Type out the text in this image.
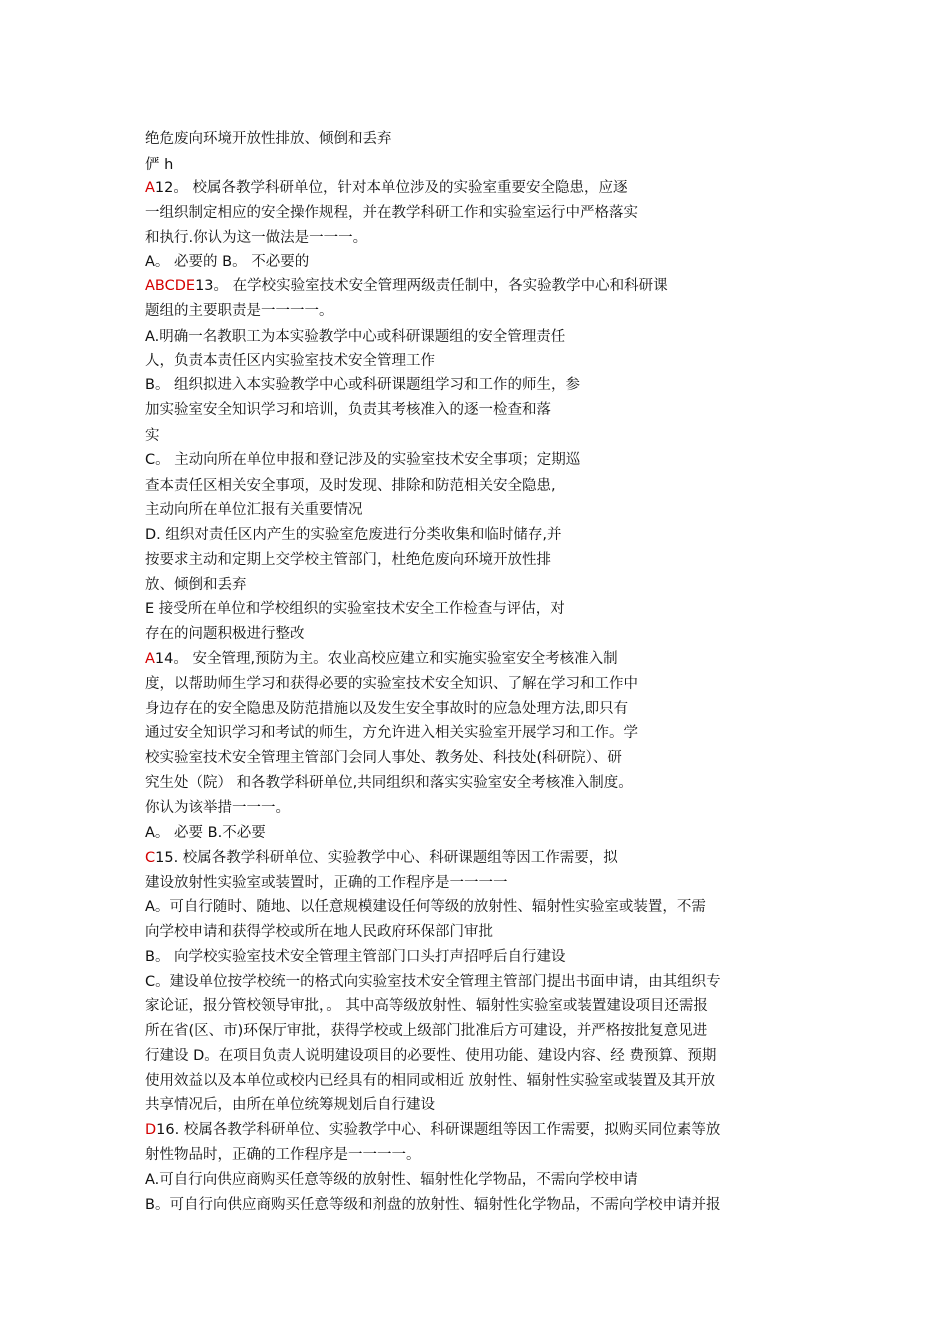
绝危废向环境开放性排放、倾倒和丢弃
俨 h
A12。 校属各教学科研单位，针对本单位涉及的实验室重要安全隐患，应逐
一组织制定相应的安全操作规程，并在教学科研工作和实验室运行中严格落实
和执行.你认为这一做法是一一一。
A。 必要的 B。 不必要的
ABCDE13。 在学校实验室技术安全管理两级责任制中，各实验教学中心和科研课
题组的主要职责是一一一一。
A.明确一名教职工为本实验教学中心或科研课题组的安全管理责任
人，负责本责任区内实验室技术安全管理工作
B。 组织拟进入本实验教学中心或科研课题组学习和工作的师生，参
加实验室安全知识学习和培训，负责其考核准入的逐一检查和落
实
C。 主动向所在单位申报和登记涉及的实验室技术安全事项；定期巡
查本责任区相关安全事项，及时发现、排除和防范相关安全隐患,
主动向所在单位汇报有关重要情况
D. 组织对责任区内产生的实验室危废进行分类收集和临时储存,并
按要求主动和定期上交学校主管部门，杜绝危废向环境开放性排
放、倾倒和丢弃
E 接受所在单位和学校组织的实验室技术安全工作检查与评估，对
存在的问题积极进行整改
A14。 安全管理,预防为主。农业高校应建立和实施实验室安全考核准入制
度，以帮助师生学习和获得必要的实验室技术安全知识、了解在学习和工作中
身边存在的安全隐患及防范措施以及发生安全事故时的应急处理方法,即只有
通过安全知识学习和考试的师生，方允许进入相关实验室开展学习和工作。学
校实验室技术安全管理主管部门会同人事处、教务处、科技处(科研院）、研
究生处（院） 和各教学科研单位,共同组织和落实实验室安全考核准入制度。
你认为该举措一一一。
A。 必要 B.不必要
C15. 校属各教学科研单位、实验教学中心、科研课题组等因工作需要，拟
建设放射性实验室或装置时，正确的工作程序是一一一一
A。可自行随时、随地、以任意规模建设任何等级的放射性、辐射性实验室或装置，不需
向学校申请和获得学校或所在地人民政府环保部门审批
B。 向学校实验室技术安全管理主管部门口头打声招呼后自行建设
C。建设单位按学校统一的格式向实验室技术安全管理主管部门提出书面申请，由其组织专
家论证，报分管校领导审批，。 其中高等级放射性、辐射性实验室或装置建设项目还需报
所在省(区、市)环保厅审批，获得学校或上级部门批准后方可建设，并严格按批复意见进
行建设 D。在项目负责人说明建设项目的必要性、使用功能、建设内容、经 费预算、预期
使用效益以及本单位或校内已经具有的相同或相近 放射性、辐射性实验室或装置及其开放
共享情况后，由所在单位统筹规划后自行建设
D16. 校属各教学科研单位、实验教学中心、科研课题组等因工作需要，拟购买同位素等放
射性物品时，正确的工作程序是一一一一。
A.可自行向供应商购买任意等级的放射性、辐射性化学物品，不需向学校申请
B。可自行向供应商购买任意等级和剂盘的放射性、辐射性化学物品，不需向学校申请并报
